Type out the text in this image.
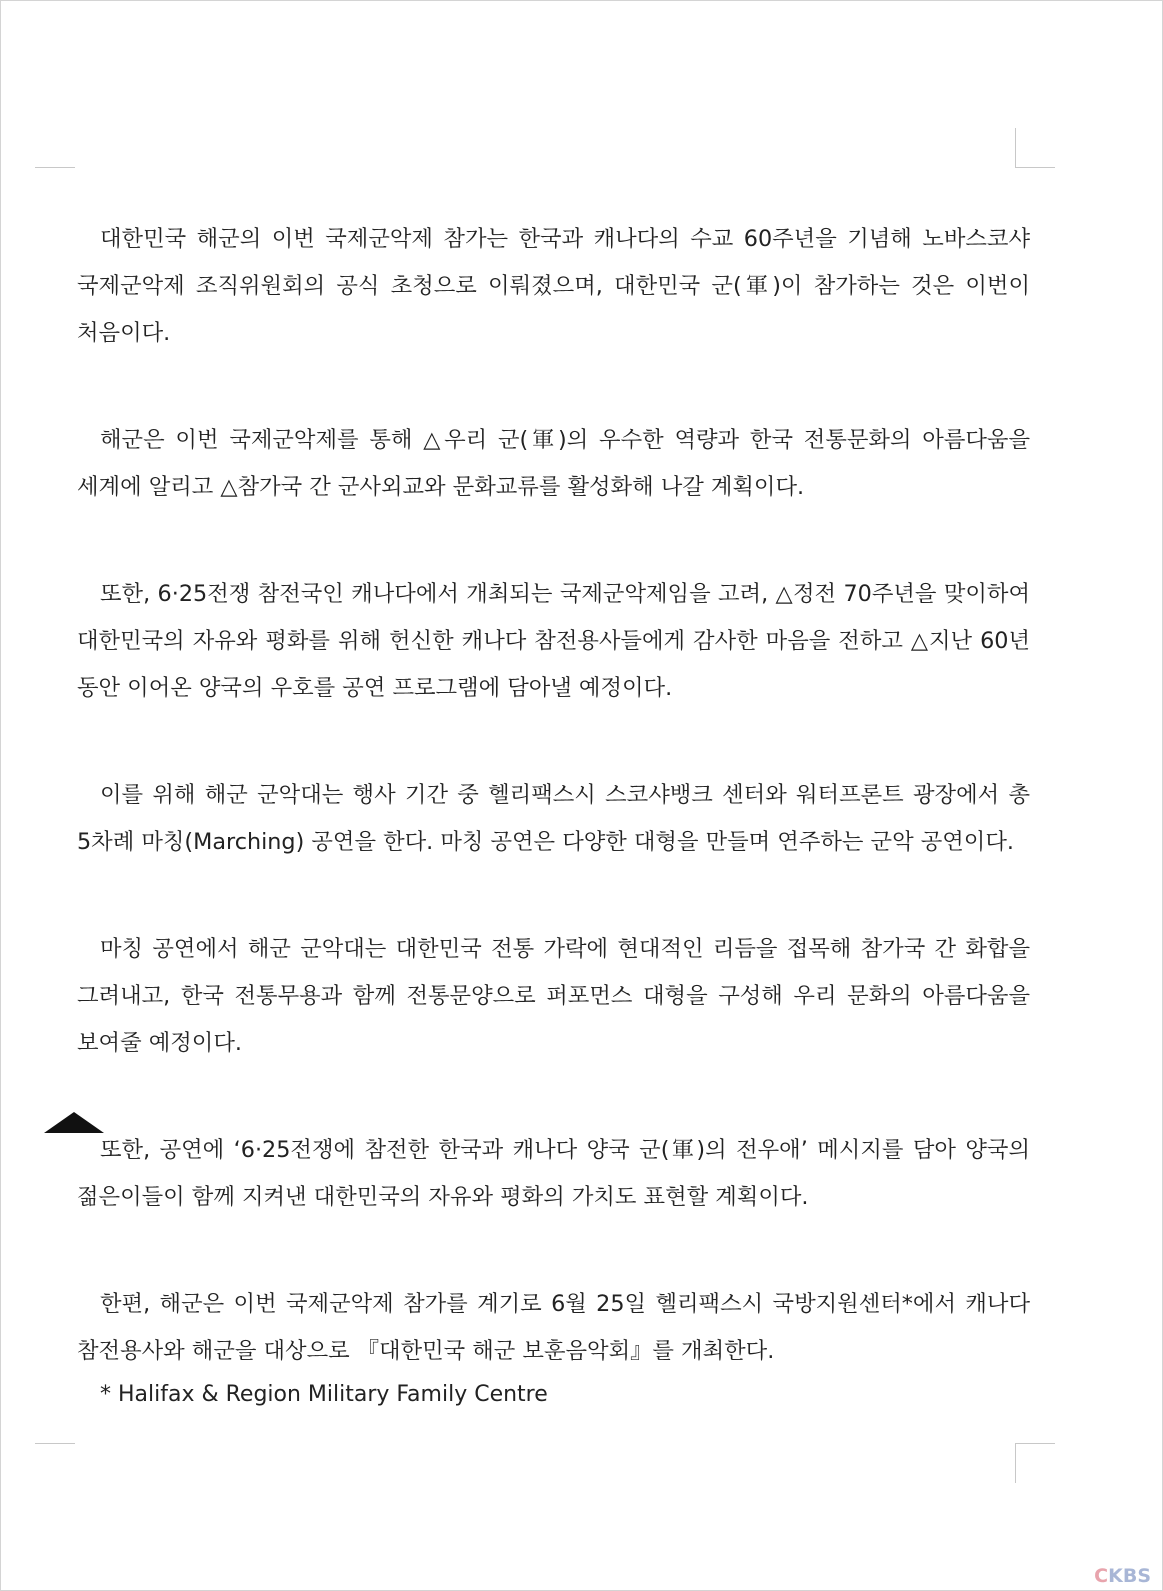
대한민국 해군의 이번 국제군악제 참가는 한국과 캐나다의 수교 60주년을 기념해 노바스코샤 국제군악제 조직위원회의 공식 초청으로 이뤄졌으며, 대한민국 군(軍)이 참가하는 것은 이번이 처음이다.

해군은 이번 국제군악제를 통해 △우리 군(軍)의 우수한 역량과 한국 전통문화의 아름다움을 세계에 알리고 △참가국 간 군사외교와 문화교류를 활성화해 나갈 계획이다.

또한, 6·25전쟁 참전국인 캐나다에서 개최되는 국제군악제임을 고려, △정전 70주년을 맞이하여 대한민국의 자유와 평화를 위해 헌신한 캐나다 참전용사들에게 감사한 마음을 전하고 △지난 60년 동안 이어온 양국의 우호를 공연 프로그램에 담아낼 예정이다.

이를 위해 해군 군악대는 행사 기간 중 헬리팩스시 스코샤뱅크 센터와 워터프론트 광장에서 총 5차례 마칭(Marching) 공연을 한다. 마칭 공연은 다양한 대형을 만들며 연주하는 군악 공연이다.

마칭 공연에서 해군 군악대는 대한민국 전통 가락에 현대적인 리듬을 접목해 참가국 간 화합을 그려내고, 한국 전통무용과 함께 전통문양으로 퍼포먼스 대형을 구성해 우리 문화의 아름다움을 보여줄 예정이다.

또한, 공연에 ‘6·25전쟁에 참전한 한국과 캐나다 양국 군(軍)의 전우애’ 메시지를 담아 양국의 젊은이들이 함께 지켜낸 대한민국의 자유와 평화의 가치도 표현할 계획이다.

한편, 해군은 이번 국제군악제 참가를 계기로 6월 25일 헬리팩스시 국방지원센터*에서 캐나다 참전용사와 해군을 대상으로 『대한민국 해군 보훈음악회』를 개최한다.

* Halifax & Region Military Family Centre

CKBS
